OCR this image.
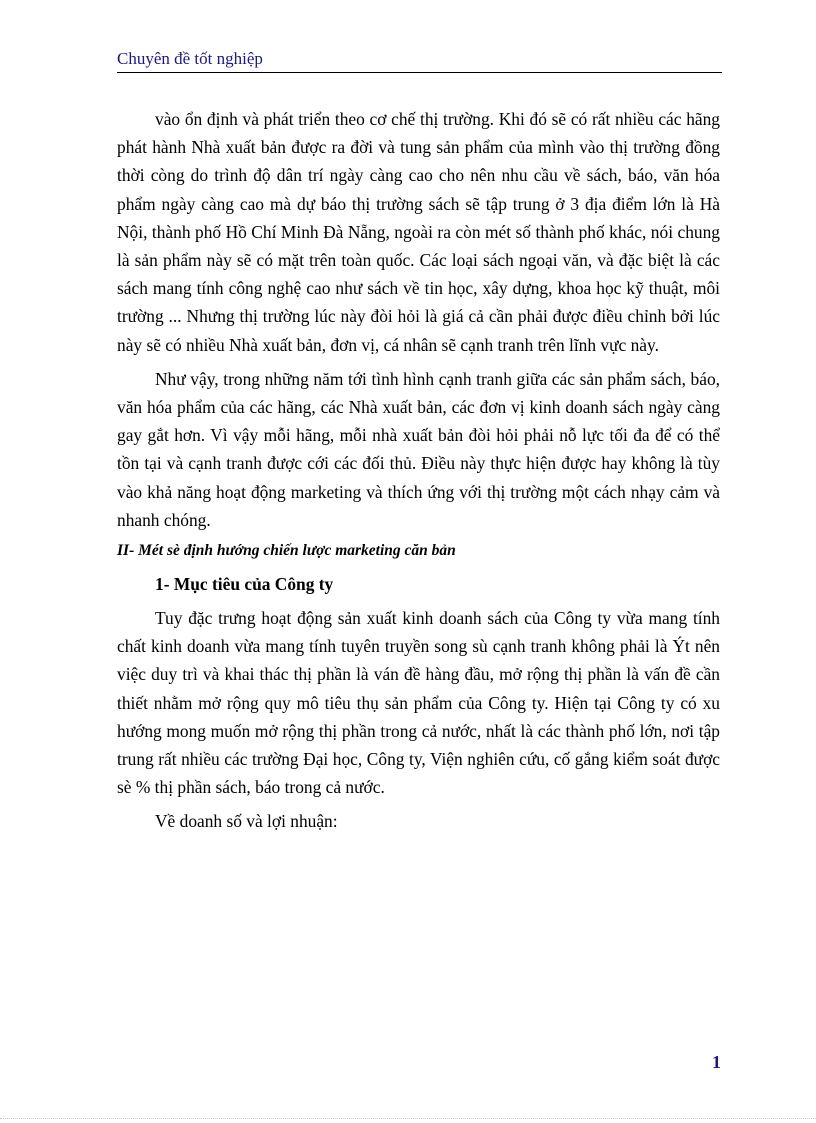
Chuyên đề tốt nghiệp

vào ổn định và phát triển theo cơ chế thị trường. Khi đó sẽ có rất nhiều các hãng phát hành Nhà xuất bản được ra đời và tung sản phẩm của mình vào thị trường đồng thời còng do trình độ dân trí ngày càng cao cho nên nhu cầu về sách, báo, văn hóa phẩm ngày càng cao mà dự báo thị trường sách sẽ tập trung ở 3 địa điểm lớn là Hà Nội, thành phố Hồ Chí Minh Đà Nẵng, ngoài ra còn mét số thành phố khác, nói chung là sản phẩm này sẽ có mặt trên toàn quốc. Các loại sách ngoại văn, và đặc biệt là các sách mang tính công nghệ cao như sách về tin học, xây dựng, khoa học kỹ thuật, môi trường ... Nhưng thị trường lúc này đòi hỏi là giá cả cần phải được điều chỉnh bởi lúc này sẽ có nhiều Nhà xuất bản, đơn vị, cá nhân sẽ cạnh tranh trên lĩnh vực này.

Như vậy, trong những năm tới tình hình cạnh tranh giữa các sản phẩm sách, báo, văn hóa phẩm của các hãng, các Nhà xuất bản, các đơn vị kinh doanh sách ngày càng gay gắt hơn. Vì vậy mỗi hãng, mỗi nhà xuất bản đòi hỏi phải nỗ lực tối đa để có thể tồn tại và cạnh tranh được cới các đối thủ. Điều này thực hiện được hay không là tùy vào khả năng hoạt động marketing và thích ứng với thị trường một cách nhạy cảm và nhanh chóng.

II- Mét sè định hướng chiến lược marketing căn bản

1- Mục tiêu của Công ty

Tuy đặc trưng hoạt động sản xuất kinh doanh sách của Công ty vừa mang tính chất kinh doanh vừa mang tính tuyên truyền song sù cạnh tranh không phải là Ýt nên việc duy trì và khai thác thị phần là ván đề hàng đầu, mở rộng thị phần là vấn đề cần thiết nhằm mở rộng quy mô tiêu thụ sản phẩm của Công ty. Hiện tại Công ty có xu hướng mong muốn mở rộng thị phần trong cả nước, nhất là các thành phố lớn, nơi tập trung rất nhiều các trường Đại học, Công ty, Viện nghiên cứu, cố gắng kiểm soát được sè % thị phần sách, báo trong cả nước.

Về doanh số và lợi nhuận:

1
